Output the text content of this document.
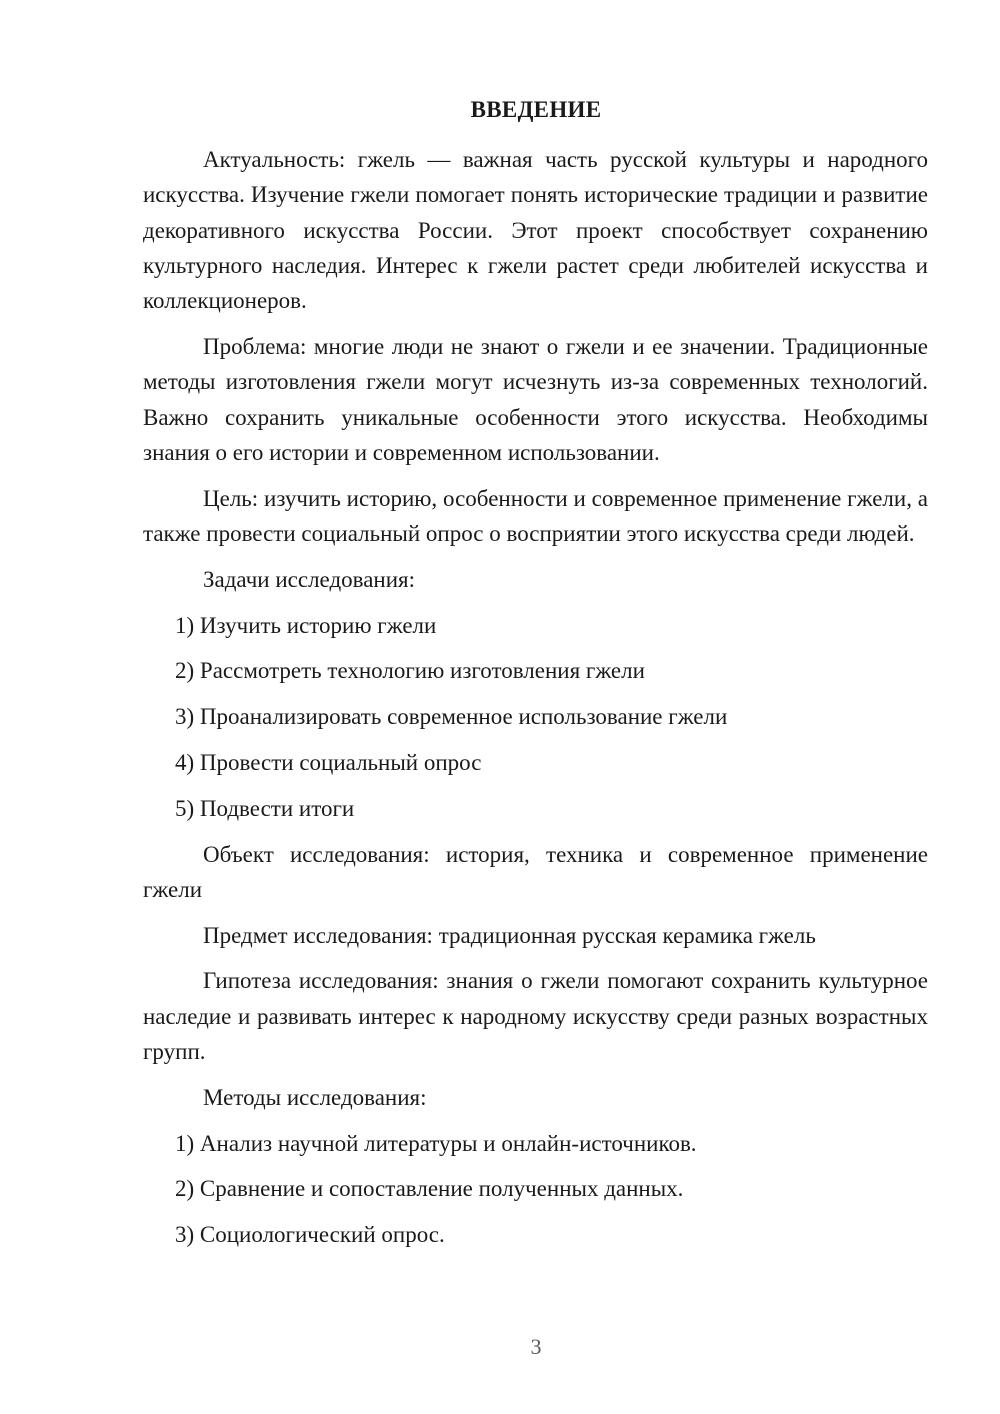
ВВЕДЕНИЕ

Актуальность: гжель — важная часть русской культуры и народного искусства. Изучение гжели помогает понять исторические традиции и развитие декоративного искусства России. Этот проект способствует сохранению культурного наследия. Интерес к гжели растет среди любителей искусства и коллекционеров.

Проблема: многие люди не знают о гжели и ее значении. Традиционные методы изготовления гжели могут исчезнуть из-за современных технологий. Важно сохранить уникальные особенности этого искусства. Необходимы знания о его истории и современном использовании.

Цель: изучить историю, особенности и современное применение гжели, а также провести социальный опрос о восприятии этого искусства среди людей.

Задачи исследования:

1) Изучить историю гжели
2) Рассмотреть технологию изготовления гжели
3) Проанализировать современное использование гжели
4) Провести социальный опрос
5) Подвести итоги

Объект исследования: история, техника и современное применение гжели

Предмет исследования: традиционная русская керамика гжель

Гипотеза исследования: знания о гжели помогают сохранить культурное наследие и развивать интерес к народному искусству среди разных возрастных групп.

Методы исследования:

1) Анализ научной литературы и онлайн-источников.
2) Сравнение и сопоставление полученных данных.
3) Социологический опрос.
3
